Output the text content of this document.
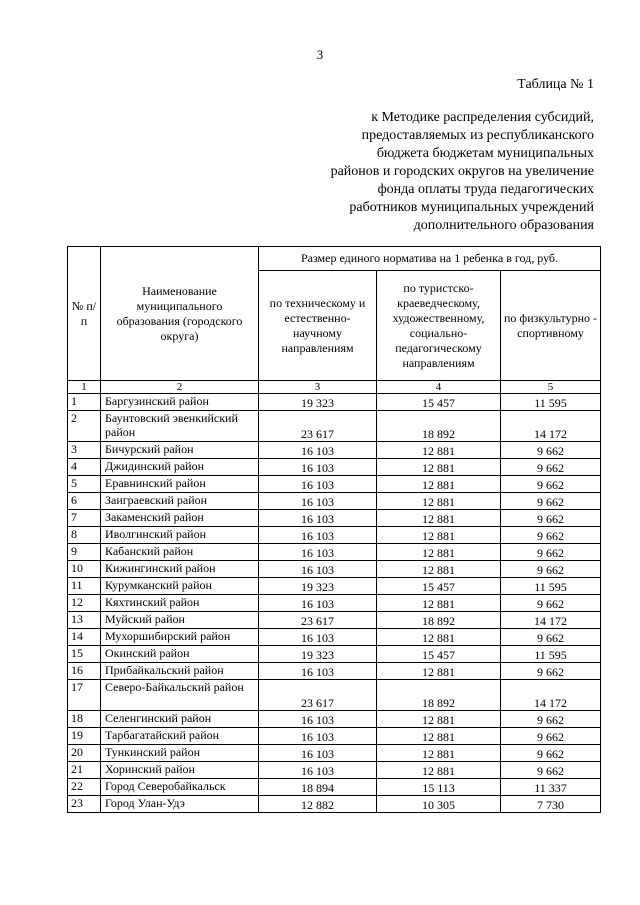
3
Таблица № 1
к Методике распределения субсидий,
предоставляемых из республиканского
бюджета бюджетам муниципальных
районов и городских округов на увеличение
фонда оплаты труда педагогических
работников муниципальных учреждений
дополнительного образования
№ п/п	Наименование муниципального образования (городского округа)	Размер единого норматива на 1 ребенка в год, руб.		
		по техническому и естественно-научному направлениям	по туристско-краеведческому, художественному, социально-педагогическому направлениям	по физкультурно - спортивному
1	2	3	4	5
1	Баргузинский район	19 323	15 457	11 595
2	Баунтовский эвенкийский район	23 617	18 892	14 172
3	Бичурский район	16 103	12 881	9 662
4	Джидинский район	16 103	12 881	9 662
5	Еравнинский район	16 103	12 881	9 662
6	Заиграевский район	16 103	12 881	9 662
7	Закаменский район	16 103	12 881	9 662
8	Иволгинский район	16 103	12 881	9 662
9	Кабанский район	16 103	12 881	9 662
10	Кижингинский район	16 103	12 881	9 662
11	Курумканский район	19 323	15 457	11 595
12	Кяхтинский район	16 103	12 881	9 662
13	Муйский район	23 617	18 892	14 172
14	Мухоршибирский район	16 103	12 881	9 662
15	Окинский район	19 323	15 457	11 595
16	Прибайкальский район	16 103	12 881	9 662
17	Северо-Байкальский район	23 617	18 892	14 172
18	Селенгинский район	16 103	12 881	9 662
19	Тарбагатайский район	16 103	12 881	9 662
20	Тункинский район	16 103	12 881	9 662
21	Хоринский район	16 103	12 881	9 662
22	Город Северобайкальск	18 894	15 113	11 337
23	Город Улан-Удэ	12 882	10 305	7 730
